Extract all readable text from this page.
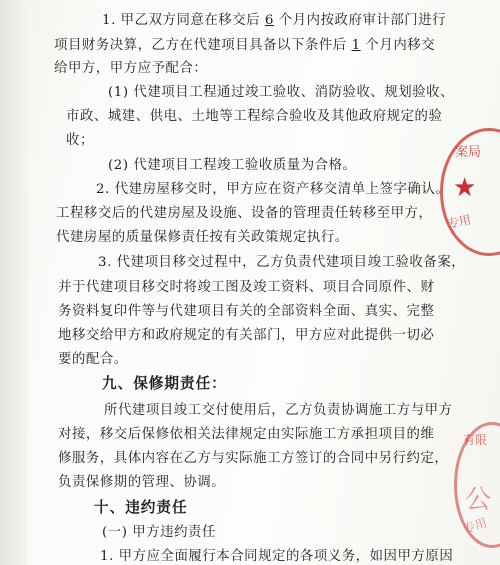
1. 甲乙双方同意在移交后 6 个月内按政府审计部门进行
项目财务决算，乙方在代建项目具备以下条件后 1 个月内移交
给甲方，甲方应予配合：
(1) 代建项目工程通过竣工验收、消防验收、规划验收、
市政、城建、供电、土地等工程综合验收及其他政府规定的验
收；
(2) 代建项目工程竣工验收质量为合格。
2. 代建房屋移交时，甲方应在资产移交清单上签字确认。
工程移交后的代建房屋及设施、设备的管理责任转移至甲方，
代建房屋的质量保修责任按有关政策规定执行。
3. 代建项目移交过程中，乙方负责代建项目竣工验收备案，
并于代建项目移交时将竣工图及竣工资料、项目合同原件、财
务资料复印件等与代建项目有关的全部资料全面、真实、完整
地移交给甲方和政府规定的有关部门，甲方应对此提供一切必
要的配合。
九、保修期责任：
所代建项目竣工交付使用后，乙方负责协调施工方与甲方
对接，移交后保修依相关法律规定由实际施工方承担项目的维
修服务，具体内容在乙方与实际施工方签订的合同中另行约定，
负责保修期的管理、协调。
十、违约责任
(一) 甲方违约责任
1. 甲方应全面履行本合同规定的各项义务，如因甲方原因
案局
★
专用
有限
公
专用
